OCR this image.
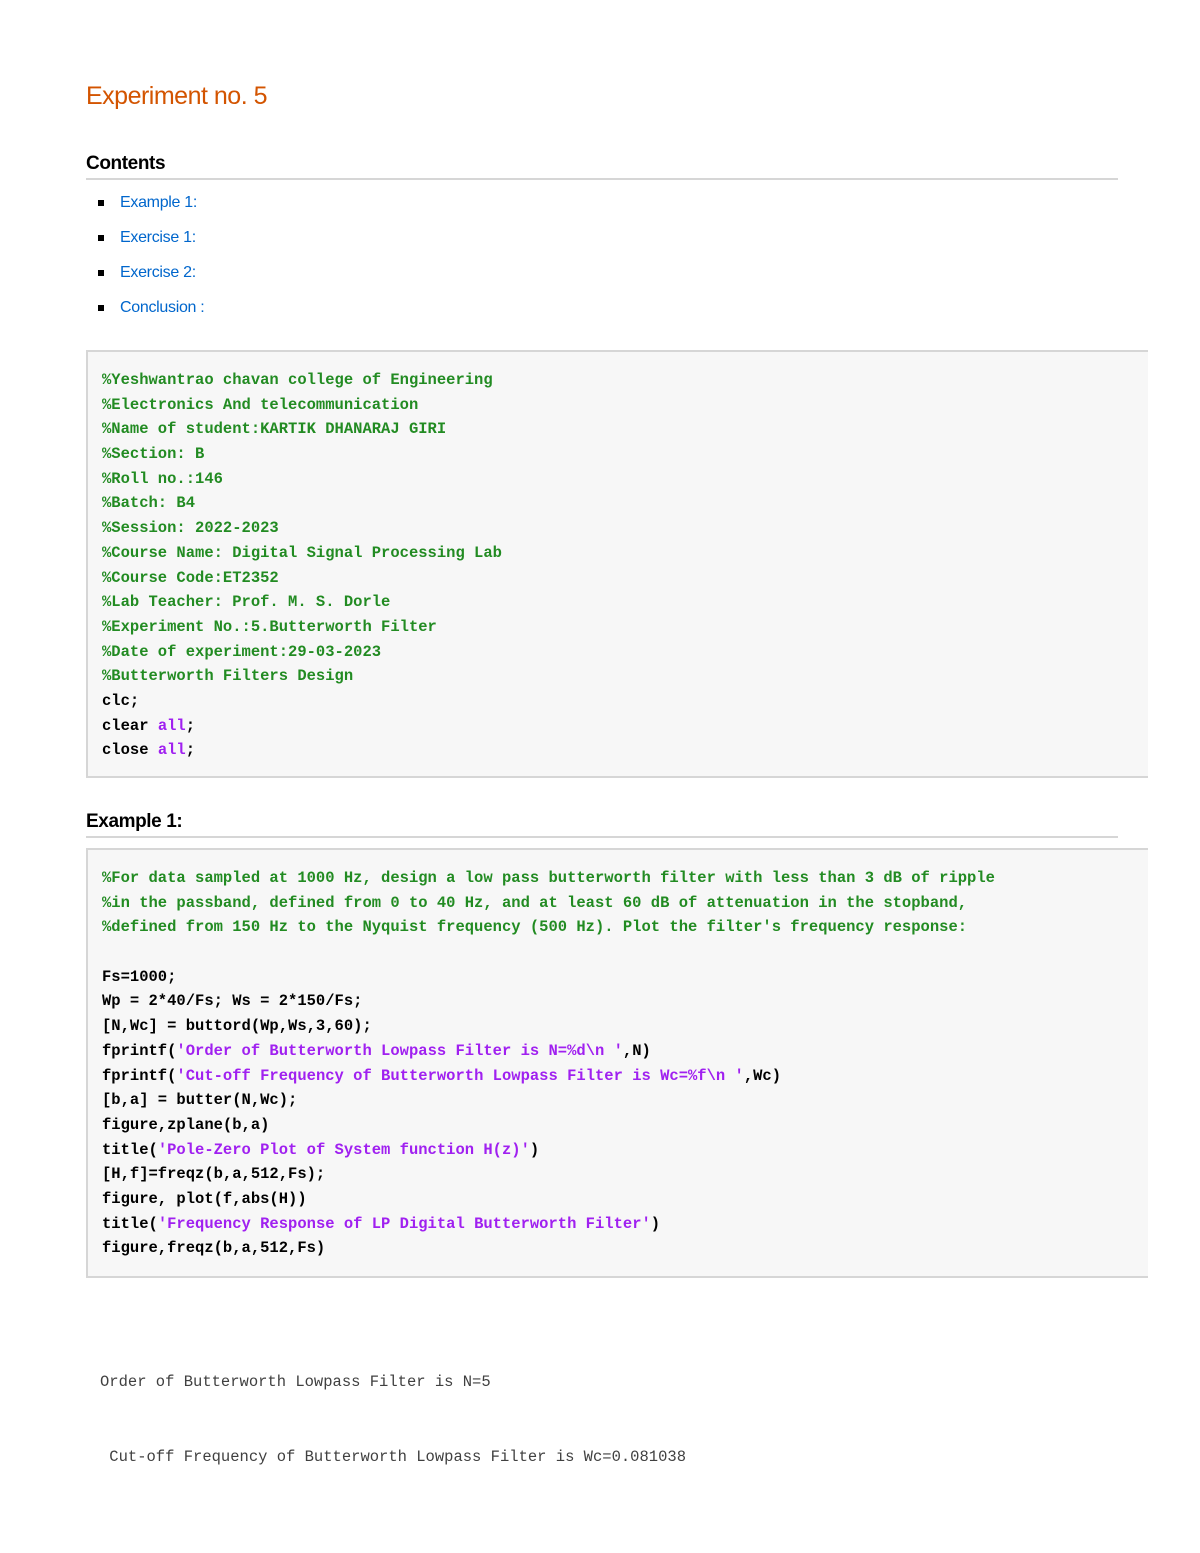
Experiment no. 5
Contents
Example 1:
Exercise 1:
Exercise 2:
Conclusion :
%Yeshwantrao chavan college of Engineering
%Electronics And telecommunication
%Name of student:KARTIK DHANARAJ GIRI
%Section: B
%Roll no.:146
%Batch: B4
%Session: 2022-2023
%Course Name: Digital Signal Processing Lab
%Course Code:ET2352
%Lab Teacher: Prof. M. S. Dorle
%Experiment No.:5.Butterworth Filter
%Date of experiment:29-03-2023
%Butterworth Filters Design
clc;
clear all;
close all;
Example 1:
%For data sampled at 1000 Hz, design a low pass butterworth filter with less than 3 dB of ripple
%in the passband, defined from 0 to 40 Hz, and at least 60 dB of attenuation in the stopband,
%defined from 150 Hz to the Nyquist frequency (500 Hz). Plot the filter's frequency response:
Fs=1000;
Wp = 2*40/Fs; Ws = 2*150/Fs;
[N,Wc] = buttord(Wp,Ws,3,60);
fprintf('Order of Butterworth Lowpass Filter is N=%d\n ',N)
fprintf('Cut-off Frequency of Butterworth Lowpass Filter is Wc=%f\n ',Wc)
[b,a] = butter(N,Wc);
figure,zplane(b,a)
title('Pole-Zero Plot of System function H(z)')
[H,f]=freqz(b,a,512,Fs);
figure, plot(f,abs(H))
title('Frequency Response of LP Digital Butterworth Filter')
figure,freqz(b,a,512,Fs)

Order of Butterworth Lowpass Filter is N=5

Cut-off Frequency of Butterworth Lowpass Filter is Wc=0.081038
